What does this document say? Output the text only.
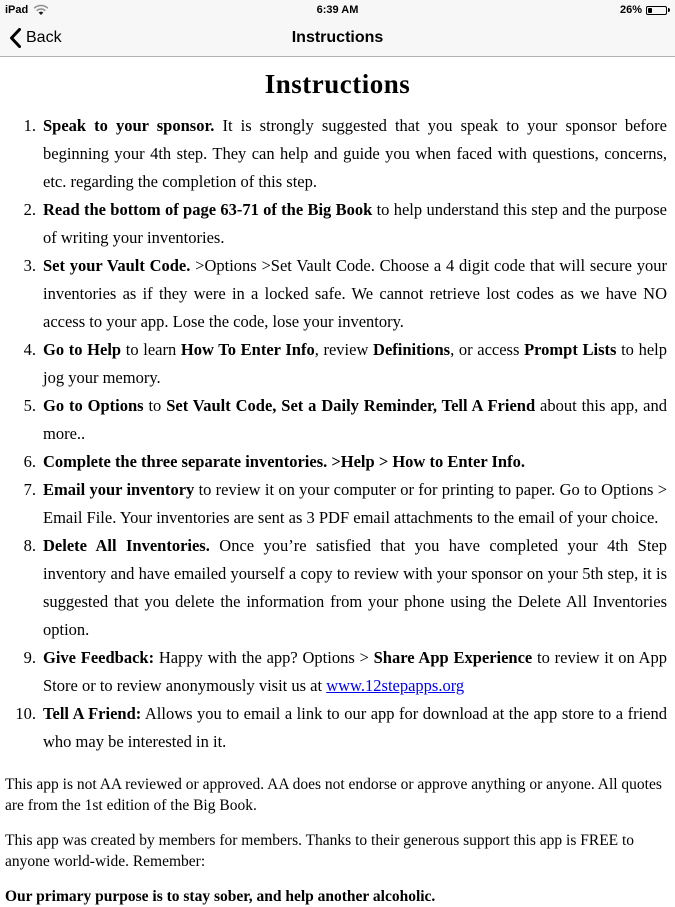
iPad	6:39 AM	26%
Back	Instructions
Instructions
1. Speak to your sponsor. It is strongly suggested that you speak to your sponsor before beginning your 4th step. They can help and guide you when faced with questions, concerns, etc. regarding the completion of this step.
2. Read the bottom of page 63-71 of the Big Book to help understand this step and the purpose of writing your inventories.
3. Set your Vault Code. >Options >Set Vault Code. Choose a 4 digit code that will secure your inventories as if they were in a locked safe. We cannot retrieve lost codes as we have NO access to your app. Lose the code, lose your inventory.
4. Go to Help to learn How To Enter Info, review Definitions, or access Prompt Lists to help jog your memory.
5. Go to Options to Set Vault Code, Set a Daily Reminder, Tell A Friend about this app, and more..
6. Complete the three separate inventories. >Help > How to Enter Info.
7. Email your inventory to review it on your computer or for printing to paper. Go to Options > Email File. Your inventories are sent as 3 PDF email attachments to the email of your choice.
8. Delete All Inventories. Once you’re satisfied that you have completed your 4th Step inventory and have emailed yourself a copy to review with your sponsor on your 5th step, it is suggested that you delete the information from your phone using the Delete All Inventories option.
9. Give Feedback: Happy with the app? Options > Share App Experience to review it on App Store or to review anonymously visit us at www.12stepapps.org
10. Tell A Friend: Allows you to email a link to our app for download at the app store to a friend who may be interested in it.

This app is not AA reviewed or approved. AA does not endorse or approve anything or anyone. All quotes are from the 1st edition of the Big Book.

This app was created by members for members. Thanks to their generous support this app is FREE to anyone world-wide. Remember:

Our primary purpose is to stay sober, and help another alcoholic.
